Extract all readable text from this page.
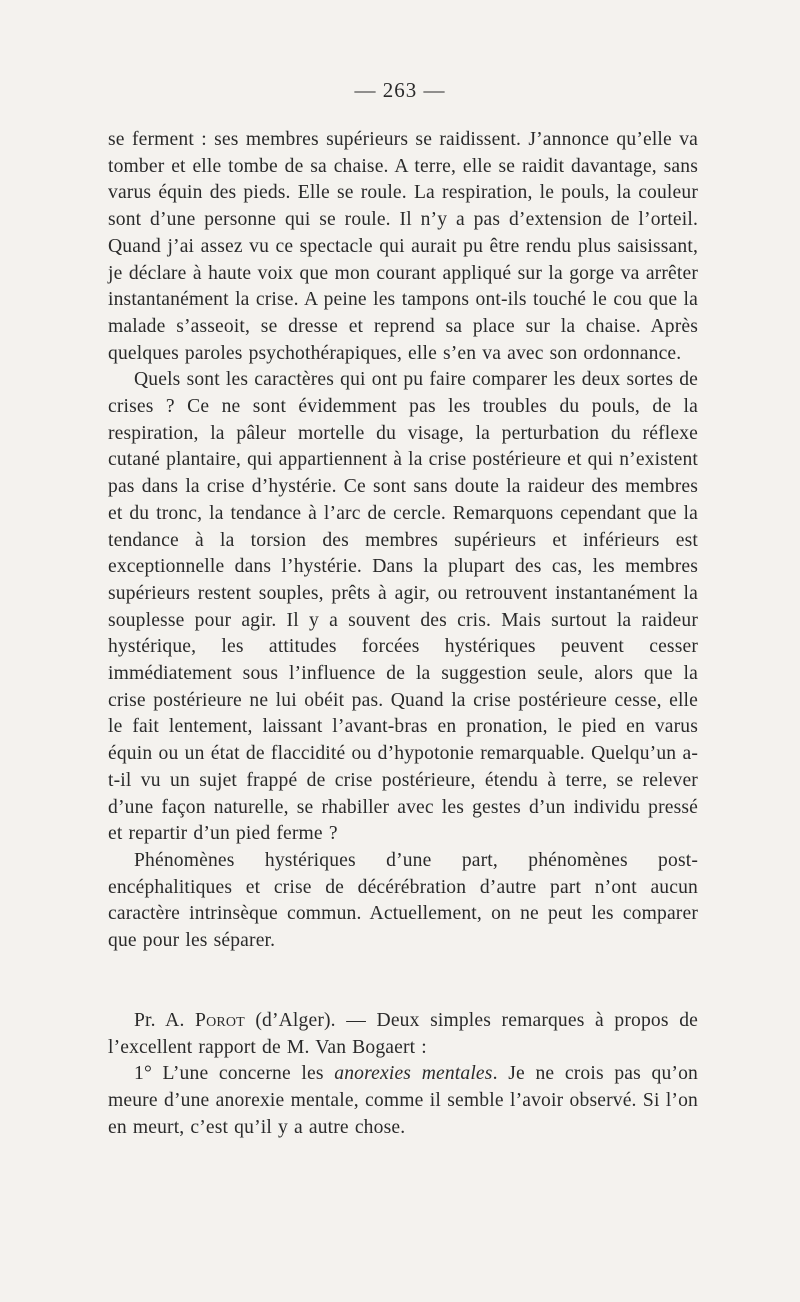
— 263 —

se ferment : ses membres supérieurs se raidissent. J’annonce qu’elle va tomber et elle tombe de sa chaise. A terre, elle se raidit davantage, sans varus équin des pieds. Elle se roule. La respiration, le pouls, la couleur sont d’une personne qui se roule. Il n’y a pas d’extension de l’orteil. Quand j’ai assez vu ce spectacle qui aurait pu être rendu plus saisissant, je déclare à haute voix que mon courant appliqué sur la gorge va arrêter instantanément la crise. A peine les tampons ont-ils touché le cou que la malade s’asseoit, se dresse et reprend sa place sur la chaise. Après quelques paroles psychothérapiques, elle s’en va avec son ordonnance.

Quels sont les caractères qui ont pu faire comparer les deux sortes de crises ? Ce ne sont évidemment pas les troubles du pouls, de la respiration, la pâleur mortelle du visage, la perturbation du réflexe cutané plantaire, qui appartiennent à la crise postérieure et qui n’existent pas dans la crise d’hystérie. Ce sont sans doute la raideur des membres et du tronc, la tendance à l’arc de cercle. Remarquons cependant que la tendance à la torsion des membres supérieurs et inférieurs est exceptionnelle dans l’hystérie. Dans la plupart des cas, les membres supérieurs restent souples, prêts à agir, ou retrouvent instantanément la souplesse pour agir. Il y a souvent des cris. Mais surtout la raideur hystérique, les attitudes forcées hystériques peuvent cesser immédiatement sous l’influence de la suggestion seule, alors que la crise postérieure ne lui obéit pas. Quand la crise postérieure cesse, elle le fait lentement, laissant l’avant-bras en pronation, le pied en varus équin ou un état de flaccidité ou d’hypotonie remarquable. Quelqu’un a-t-il vu un sujet frappé de crise postérieure, étendu à terre, se relever d’une façon naturelle, se rhabiller avec les gestes d’un individu pressé et repartir d’un pied ferme ?

Phénomènes hystériques d’une part, phénomènes post-encéphalitiques et crise de décérébration d’autre part n’ont aucun caractère intrinsèque commun. Actuellement, on ne peut les comparer que pour les séparer.

Pr. A. Porot (d’Alger). — Deux simples remarques à propos de l’excellent rapport de M. Van Bogaert :

1° L’une concerne les anorexies mentales. Je ne crois pas qu’on meure d’une anorexie mentale, comme il semble l’avoir observé. Si l’on en meurt, c’est qu’il y a autre chose.
